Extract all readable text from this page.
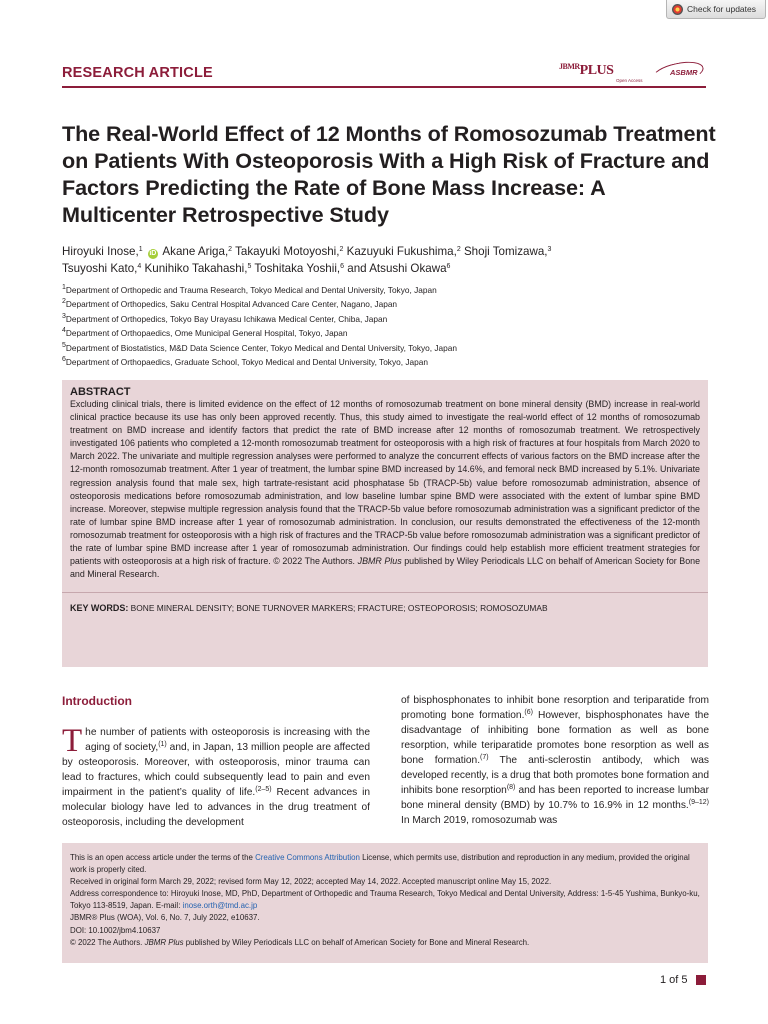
Check for updates
RESEARCH ARTICLE	$^{JBMR}$PLUS
Open Access
ASBMR
The Real-World Effect of 12 Months of Romosozumab Treatment on Patients With Osteoporosis With a High Risk of Fracture and Factors Predicting the Rate of Bone Mass Increase: A Multicenter Retrospective Study
Hiroyuki Inose,$^1$ iD Akane Ariga,$^2$ Takayuki Motoyoshi,$^2$ Kazuyuki Fukushima,$^2$ Shoji Tomizawa,$^3$
Tsuyoshi Kato,$^4$ Kunihiko Takahashi,$^5$ Toshitaka Yoshii,$^6$ and Atsushi Okawa$^6$
$^1$Department of Orthopedic and Trauma Research, Tokyo Medical and Dental University, Tokyo, Japan
$^2$Department of Orthopedics, Saku Central Hospital Advanced Care Center, Nagano, Japan
$^3$Department of Orthopedics, Tokyo Bay Urayasu Ichikawa Medical Center, Chiba, Japan
$^4$Department of Orthopaedics, Ome Municipal General Hospital, Tokyo, Japan
$^5$Department of Biostatistics, M&D Data Science Center, Tokyo Medical and Dental University, Tokyo, Japan
$^6$Department of Orthopaedics, Graduate School, Tokyo Medical and Dental University, Tokyo, Japan
ABSTRACT
Excluding clinical trials, there is limited evidence on the effect of 12 months of romosozumab treatment on bone mineral density (BMD) increase in real-world clinical practice because its use has only been approved recently. Thus, this study aimed to investigate the real-world effect of 12 months of romosozumab treatment on BMD increase and identify factors that predict the rate of BMD increase after 12 months of romosozumab treatment. We retrospectively investigated 106 patients who completed a 12-month romosozumab treatment for osteoporosis with a high risk of fractures at four hospitals from March 2020 to March 2022. The univariate and multiple regression analyses were performed to analyze the concurrent effects of various factors on the BMD increase after the 12-month romosozumab treatment. After 1 year of treatment, the lumbar spine BMD increased by 14.6%, and femoral neck BMD increased by 5.1%. Univariate regression analysis found that male sex, high tartrate-resistant acid phosphatase 5b (TRACP-5b) value before romosozumab administration, absence of osteoporosis medications before romosozumab administration, and low baseline lumbar spine BMD were associated with the extent of lumbar spine BMD increase. Moreover, stepwise multiple regression analysis found that the TRACP-5b value before romosozumab administration was a significant predictor of the rate of lumbar spine BMD increase after 1 year of romosozumab administration. In conclusion, our results demonstrated the effectiveness of the 12-month romosozumab treatment for osteoporosis with a high risk of fractures and the TRACP-5b value before romosozumab administration was a significant predictor of the rate of lumbar spine BMD increase after 1 year of romosozumab administration. Our findings could help establish more efficient treatment strategies for patients with osteoporosis at a high risk of fracture. © 2022 The Authors. JBMR Plus published by Wiley Periodicals LLC on behalf of American Society for Bone and Mineral Research.
KEY WORDS: BONE MINERAL DENSITY; BONE TURNOVER MARKERS; FRACTURE; OSTEOPOROSIS; ROMOSOZUMAB
Introduction
The number of patients with osteoporosis is increasing with the aging of society,$^{(1)}$ and, in Japan, 13 million people are affected by osteoporosis. Moreover, with osteoporosis, minor trauma can lead to fractures, which could subsequently lead to pain and even impairment in the patient’s quality of life.$^{(2-5)}$ Recent advances in molecular biology have led to advances in the drug treatment of osteoporosis, including the development
of bisphosphonates to inhibit bone resorption and teriparatide from promoting bone formation.$^{(6)}$ However, bisphosphonates have the disadvantage of inhibiting bone formation as well as bone resorption, while teriparatide promotes bone resorption as well as bone formation.$^{(7)}$ The anti-sclerostin antibody, which was developed recently, is a drug that both promotes bone formation and inhibits bone resorption$^{(8)}$ and has been reported to increase lumbar bone mineral density (BMD) by 10.7% to 16.9% in 12 months.$^{(9-12)}$ In March 2019, romosozumab was
This is an open access article under the terms of the Creative Commons Attribution License, which permits use, distribution and reproduction in any medium, provided the original work is properly cited.
Received in original form March 29, 2022; revised form May 12, 2022; accepted May 14, 2022. Accepted manuscript online May 15, 2022.
Address correspondence to: Hiroyuki Inose, MD, PhD, Department of Orthopedic and Trauma Research, Tokyo Medical and Dental University, Address: 1-5-45 Yushima, Bunkyo-ku, Tokyo 113-8519, Japan. E-mail: inose.orth@tmd.ac.jp
JBMR® Plus (WOA), Vol. 6, No. 7, July 2022, e10637.
DOI: 10.1002/jbm4.10637
© 2022 The Authors. JBMR Plus published by Wiley Periodicals LLC on behalf of American Society for Bone and Mineral Research.
1 of 5
